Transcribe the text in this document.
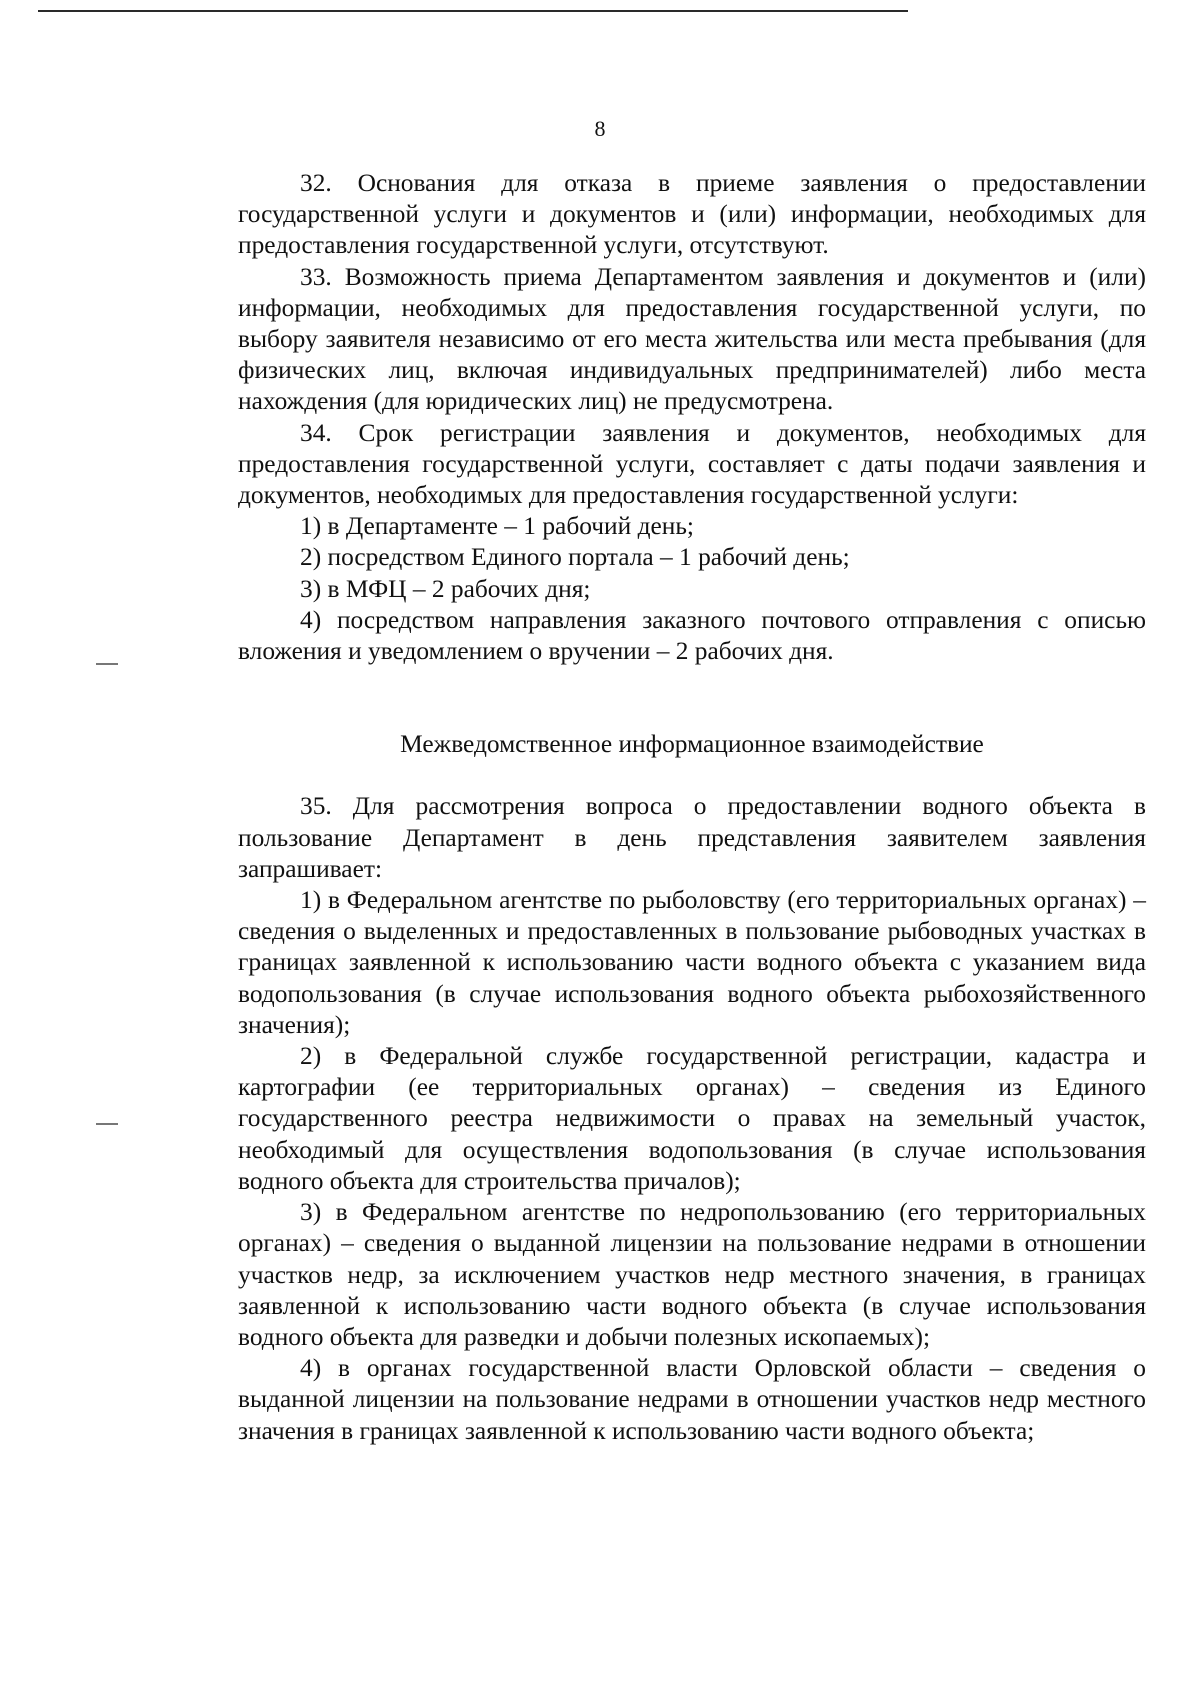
8

32. Основания для отказа в приеме заявления о предоставлении государственной услуги и документов и (или) информации, необходимых для предоставления государственной услуги, отсутствуют.

33. Возможность приема Департаментом заявления и документов и (или) информации, необходимых для предоставления государственной услуги, по выбору заявителя независимо от его места жительства или места пребывания (для физических лиц, включая индивидуальных предпринимателей) либо места нахождения (для юридических лиц) не предусмотрена.

34. Срок регистрации заявления и документов, необходимых для предоставления государственной услуги, составляет с даты подачи заявления и документов, необходимых для предоставления государственной услуги:

1) в Департаменте – 1 рабочий день;

2) посредством Единого портала – 1 рабочий день;

3) в МФЦ – 2 рабочих дня;

4) посредством направления заказного почтового отправления с описью вложения и уведомлением о вручении – 2 рабочих дня.

Межведомственное информационное взаимодействие

35. Для рассмотрения вопроса о предоставлении водного объекта в пользование Департамент в день представления заявителем заявления запрашивает:

1) в Федеральном агентстве по рыболовству (его территориальных органах) – сведения о выделенных и предоставленных в пользование рыбоводных участках в границах заявленной к использованию части водного объекта с указанием вида водопользования (в случае использования водного объекта рыбохозяйственного значения);

2) в Федеральной службе государственной регистрации, кадастра и картографии (ее территориальных органах) – сведения из Единого государственного реестра недвижимости о правах на земельный участок, необходимый для осуществления водопользования (в случае использования водного объекта для строительства причалов);

3) в Федеральном агентстве по недропользованию (его территориальных органах) – сведения о выданной лицензии на пользование недрами в отношении участков недр, за исключением участков недр местного значения, в границах заявленной к использованию части водного объекта (в случае использования водного объекта для разведки и добычи полезных ископаемых);

4) в органах государственной власти Орловской области – сведения о выданной лицензии на пользование недрами в отношении участков недр местного значения в границах заявленной к использованию части водного объекта;
